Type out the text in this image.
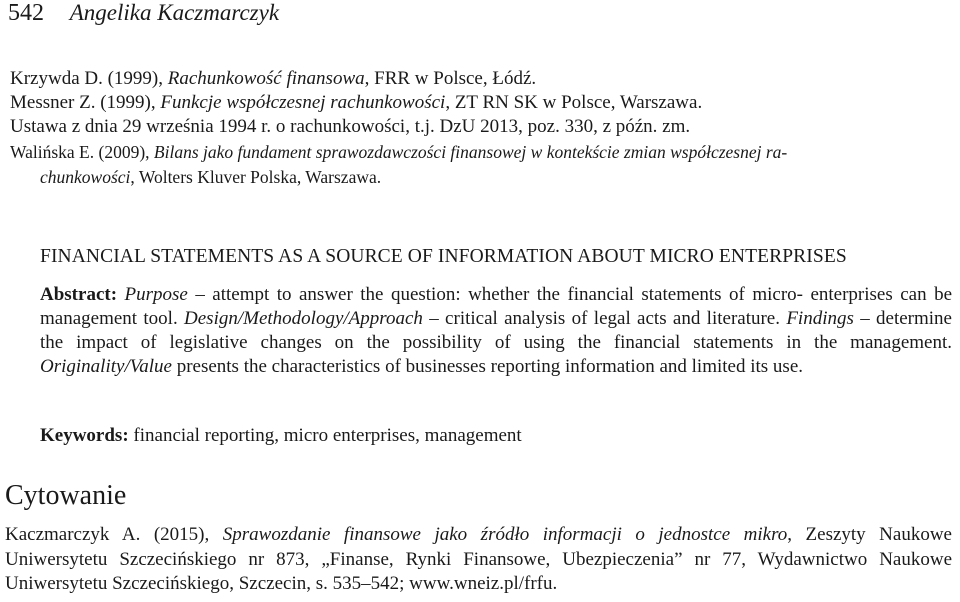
542 Angelika Kaczmarczyk
Krzywda D. (1999), Rachunkowość finansowa, FRR w Polsce, Łódź.
Messner Z. (1999), Funkcje współczesnej rachunkowości, ZT RN SK w Polsce, Warszawa.
Ustawa z dnia 29 września 1994 r. o rachunkowości, t.j. DzU 2013, poz. 330, z późn. zm.
Walińska E. (2009), Bilans jako fundament sprawozdawczości finansowej w kontekście zmian współczesnej ra-
chunkowości, Wolters Kluver Polska, Warszawa.
FINANCIAL STATEMENTS AS A SOURCE OF INFORMATION ABOUT MICRO ENTERPRISES
Abstract: Purpose – attempt to answer the question: whether the financial statements of micro- enterprises can be management tool. Design/Methodology/Approach – critical analysis of legal acts and literature. Findings – determine the impact of legislative changes on the possibility of using the financial statements in the management. Originality/Value presents the characteristics of businesses reporting information and limited its use.
Keywords: financial reporting, micro enterprises, management
Cytowanie
Kaczmarczyk A. (2015), Sprawozdanie finansowe jako źródło informacji o jednostce mikro, Zeszyty Naukowe Uniwersytetu Szczecińskiego nr 873, „Finanse, Rynki Finansowe, Ubezpieczenia” nr 77, Wydawnictwo Naukowe Uniwersytetu Szczecińskiego, Szczecin, s. 535–542; www.wneiz.pl/frfu.
